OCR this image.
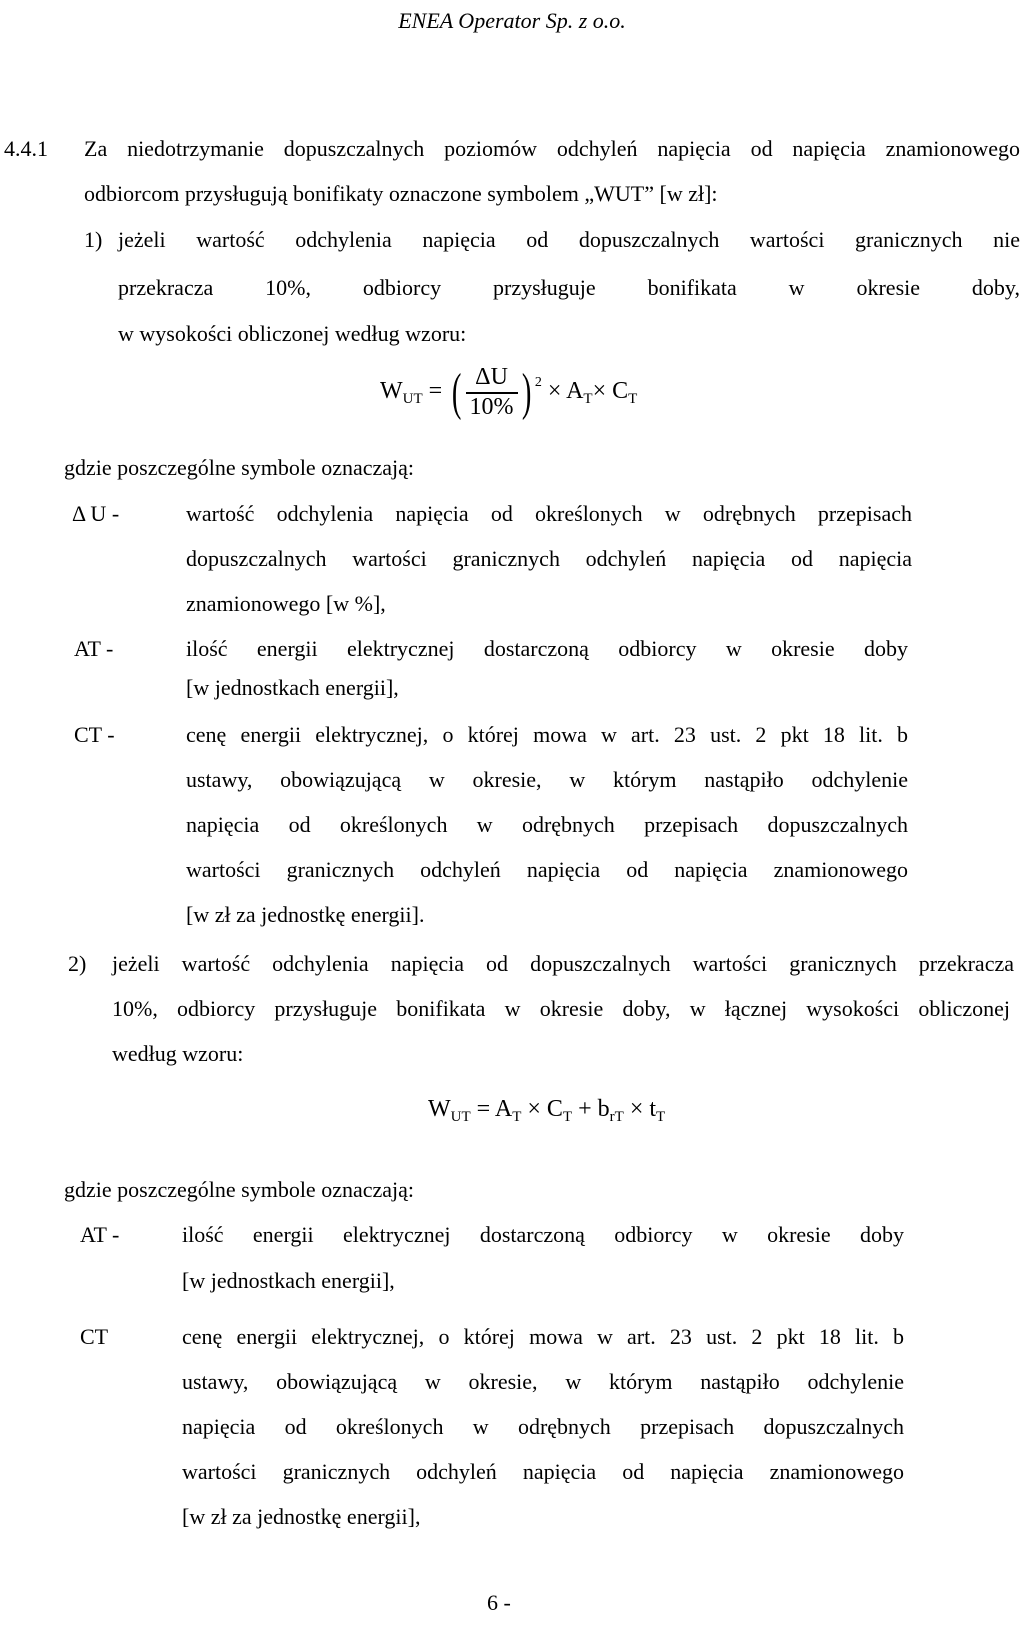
ENEA Operator Sp. z o.o.
4.4.1 Za niedotrzymanie dopuszczalnych poziomów odchyleń napięcia od napięcia znamionowego
odbiorcom przysługują bonifikaty oznaczone symbolem „WUT” [w zł]:
1) jeżeli wartość odchylenia napięcia od dopuszczalnych wartości granicznych nie
przekracza 10%, odbiorcy przysługuje bonifikata w okresie doby,
w wysokości obliczonej według wzoru:
$W_{UT}$ = ( $\frac{\Delta U}{10\%}$ ) $^2 \times A_T\times C_T$
gdzie poszczególne symbole oznaczają:
Δ U -	wartość odchylenia napięcia od określonych w odrębnych przepisach
dopuszczalnych wartości granicznych odchyleń napięcia od napięcia
znamionowego [w %],
AT -	ilość energii elektrycznej dostarczoną odbiorcy w okresie doby
[w jednostkach energii],
CT -	cenę energii elektrycznej, o której mowa w art. 23 ust. 2 pkt 18 lit. b
ustawy, obowiązującą w okresie, w którym nastąpiło odchylenie
napięcia od określonych w odrębnych przepisach dopuszczalnych
wartości granicznych odchyleń napięcia od napięcia znamionowego
[w zł za jednostkę energii].
2) jeżeli wartość odchylenia napięcia od dopuszczalnych wartości granicznych przekracza
10%, odbiorcy przysługuje bonifikata w okresie doby, w łącznej wysokości obliczonej
według wzoru:
$W_{UT} = A_T \times C_T + b_{rT} \times t_T$
gdzie poszczególne symbole oznaczają:
AT -	ilość energii elektrycznej dostarczoną odbiorcy w okresie doby
[w jednostkach energii],
CT	cenę energii elektrycznej, o której mowa w art. 23 ust. 2 pkt 18 lit. b
ustawy, obowiązującą w okresie, w którym nastąpiło odchylenie
napięcia od określonych w odrębnych przepisach dopuszczalnych
wartości granicznych odchyleń napięcia od napięcia znamionowego
[w zł za jednostkę energii],
6 -
